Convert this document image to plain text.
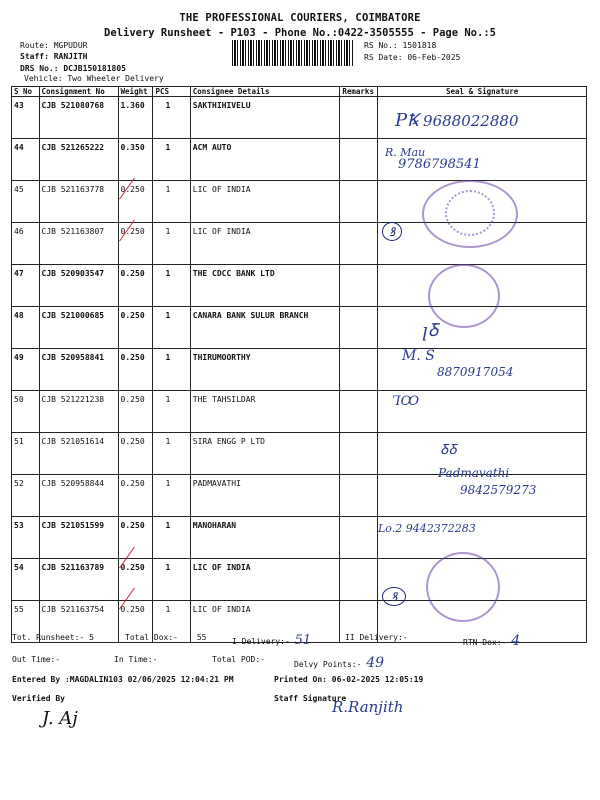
THE PROFESSIONAL COURIERS, COIMBATORE
Delivery Runsheet - P103 - Phone No.:0422-3505555 - Page No.:5
Route: MGPUDUR
Staff: RANJITH
DRS No.: DCJB150181805
Vehicle: Two Wheeler Delivery
RS No.: 1501818
RS Date: 06-Feb-2025
S No	Consignment No	Weight	PCS	Consignee Details	Remarks	Seal & Signature
43	CJB 521080768	1.360	1	SAKTHIHIVELU		
44	CJB 521265222	0.350	1	ACM AUTO		
45	CJB 521163778	0.250	1	LIC OF INDIA		
46	CJB 521163807	0.250	1	LIC OF INDIA		
47	CJB 520903547	0.250	1	THE CDCC BANK LTD		
48	CJB 521000685	0.250	1	CANARA BANK SULUR BRANCH		
49	CJB 520958841	0.250	1	THIRUMOORTHY		
50	CJB 521221238	0.250	1	THE TAHSILDAR		
51	CJB 521051614	0.250	1	SIRA ENGG P LTD		
52	CJB 520958844	0.250	1	PADMAVATHI		
53	CJB 521051599	0.250	1	MANOHARAN		
54	CJB 521163789	0.250	1	LIC OF INDIA		
55	CJB 521163754	0.250	1	LIC OF INDIA		
PꝄ 9688022880
R. Mau
9786798541
ꝸ
ꞁꝽ
M. S
8870917054
ꞀꝎ
ꝽꝽ
Padmavathi
9842579273
Lo.2 9442372283
ꝸ
Tot. Runsheet:- 5	Total Dox:- 55	I Delivery:- 51	II Delivery:-
RTN Dox:- 4
Out Time:-	In Time:-	Total POD:-
Delvy Points:- 49
Entered By :MAGDALIN103 02/06/2025 12:04:21 PM	Printed On: 06-02-2025 12:05:19
Verified By	Staff Signature
J. Aj
R.Ranjith
